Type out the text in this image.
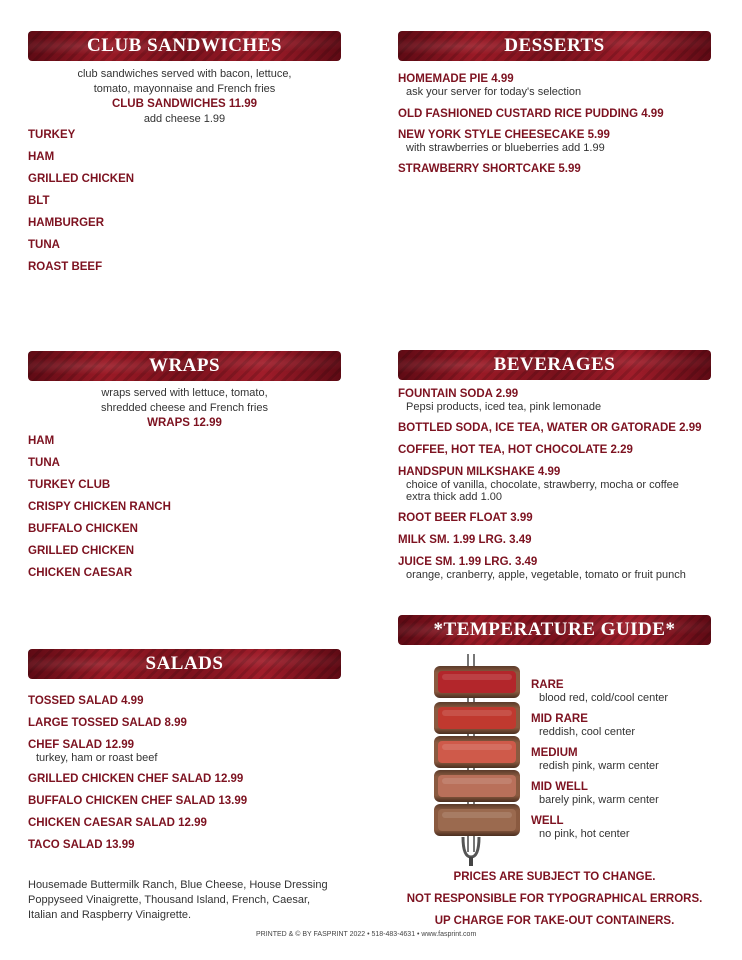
CLUB SANDWICHES
club sandwiches served with bacon, lettuce,
tomato, mayonnaise and French fries
CLUB SANDWICHES 11.99
add cheese 1.99
TURKEY
HAM
GRILLED CHICKEN
BLT
HAMBURGER
TUNA
ROAST BEEF
DESSERTS
HOMEMADE PIE 4.99
ask your server for today's selection
OLD FASHIONED CUSTARD RICE PUDDING 4.99
NEW YORK STYLE CHEESECAKE 5.99
with strawberries or blueberries add 1.99
STRAWBERRY SHORTCAKE 5.99
WRAPS
wraps served with lettuce, tomato,
shredded cheese and French fries
WRAPS 12.99
HAM
TUNA
TURKEY CLUB
CRISPY CHICKEN RANCH
BUFFALO CHICKEN
GRILLED CHICKEN
CHICKEN CAESAR
BEVERAGES
FOUNTAIN SODA 2.99
Pepsi products, iced tea, pink lemonade
BOTTLED SODA, ICE TEA, WATER OR GATORADE 2.99
COFFEE, HOT TEA, HOT CHOCOLATE 2.29
HANDSPUN MILKSHAKE 4.99
choice of vanilla, chocolate, strawberry, mocha or coffee
extra thick add 1.00
ROOT BEER FLOAT 3.99
MILK SM. 1.99 LRG. 3.49
JUICE SM. 1.99 LRG. 3.49
orange, cranberry, apple, vegetable, tomato or fruit punch
SALADS
TOSSED SALAD 4.99
LARGE TOSSED SALAD 8.99
CHEF SALAD 12.99
turkey, ham or roast beef
GRILLED CHICKEN CHEF SALAD 12.99
BUFFALO CHICKEN CHEF SALAD 13.99
CHICKEN CAESAR SALAD 12.99
TACO SALAD 13.99
Housemade Buttermilk Ranch, Blue Cheese, House Dressing
Poppyseed Vinaigrette, Thousand Island, French, Caesar,
Italian and Raspberry Vinaigrette.
*TEMPERATURE GUIDE*
RARE
blood red, cold/cool center
MID RARE
reddish, cool center
MEDIUM
redish pink, warm center
MID WELL
barely pink, warm center
WELL
no pink, hot center
PRICES ARE SUBJECT TO CHANGE.
NOT RESPONSIBLE FOR TYPOGRAPHICAL ERRORS.
UP CHARGE FOR TAKE-OUT CONTAINERS.
PRINTED & © BY FASPRINT 2022 • 518-483-4631 • www.fasprint.com
